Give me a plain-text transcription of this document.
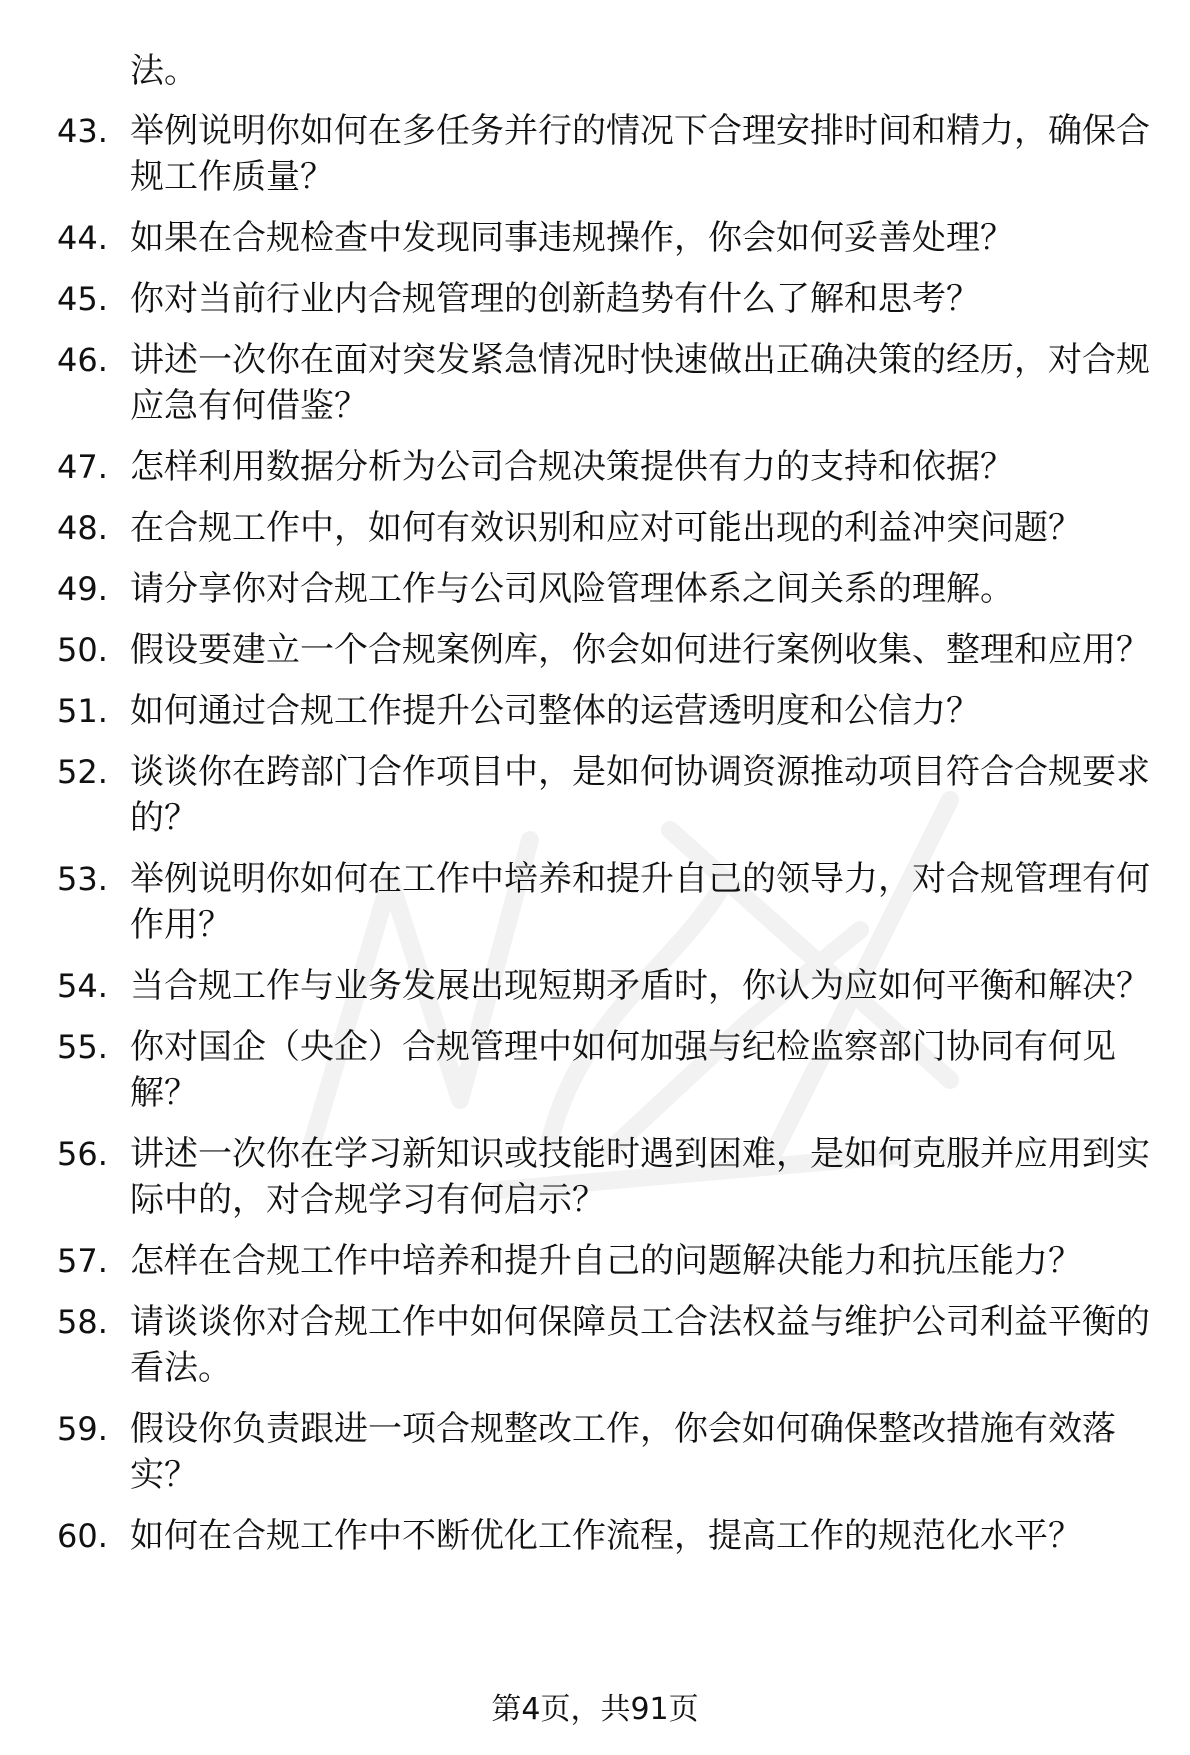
法。
43. 举例说明你如何在多任务并行的情况下合理安排时间和精力，确保合规工作质量？
44. 如果在合规检查中发现同事违规操作，你会如何妥善处理？
45. 你对当前行业内合规管理的创新趋势有什么了解和思考？
46. 讲述一次你在面对突发紧急情况时快速做出正确决策的经历，对合规应急有何借鉴？
47. 怎样利用数据分析为公司合规决策提供有力的支持和依据？
48. 在合规工作中，如何有效识别和应对可能出现的利益冲突问题？
49. 请分享你对合规工作与公司风险管理体系之间关系的理解。
50. 假设要建立一个合规案例库，你会如何进行案例收集、整理和应用？
51. 如何通过合规工作提升公司整体的运营透明度和公信力？
52. 谈谈你在跨部门合作项目中，是如何协调资源推动项目符合合规要求的？
53. 举例说明你如何在工作中培养和提升自己的领导力，对合规管理有何作用？
54. 当合规工作与业务发展出现短期矛盾时，你认为应如何平衡和解决？
55. 你对国企（央企）合规管理中如何加强与纪检监察部门协同有何见解？
56. 讲述一次你在学习新知识或技能时遇到困难，是如何克服并应用到实际中的，对合规学习有何启示？
57. 怎样在合规工作中培养和提升自己的问题解决能力和抗压能力？
58. 请谈谈你对合规工作中如何保障员工合法权益与维护公司利益平衡的看法。
59. 假设你负责跟进一项合规整改工作，你会如何确保整改措施有效落实？
60. 如何在合规工作中不断优化工作流程，提高工作的规范化水平？
第4页，共91页
